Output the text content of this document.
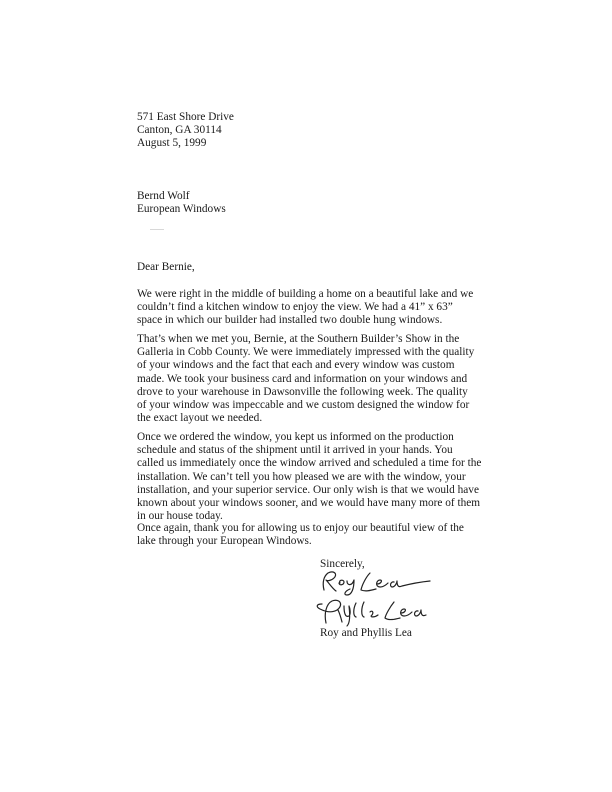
571 East Shore Drive
Canton, GA 30114
August 5, 1999
Bernd Wolf
European Windows
Dear Bernie,
We were right in the middle of building a home on a beautiful lake and we
couldn’t find a kitchen window to enjoy the view. We had a 41” x 63”
space in which our builder had installed two double hung windows.
That’s when we met you, Bernie, at the Southern Builder’s Show in the
Galleria in Cobb County. We were immediately impressed with the quality
of your windows and the fact that each and every window was custom
made. We took your business card and information on your windows and
drove to your warehouse in Dawsonville the following week. The quality
of your window was impeccable and we custom designed the window for
the exact layout we needed.
Once we ordered the window, you kept us informed on the production
schedule and status of the shipment until it arrived in your hands. You
called us immediately once the window arrived and scheduled a time for the
installation. We can’t tell you how pleased we are with the window, your
installation, and your superior service. Our only wish is that we would have
known about your windows sooner, and we would have many more of them
in our house today.
Once again, thank you for allowing us to enjoy our beautiful view of the
lake through your European Windows.
Sincerely,
Roy and Phyllis Lea
